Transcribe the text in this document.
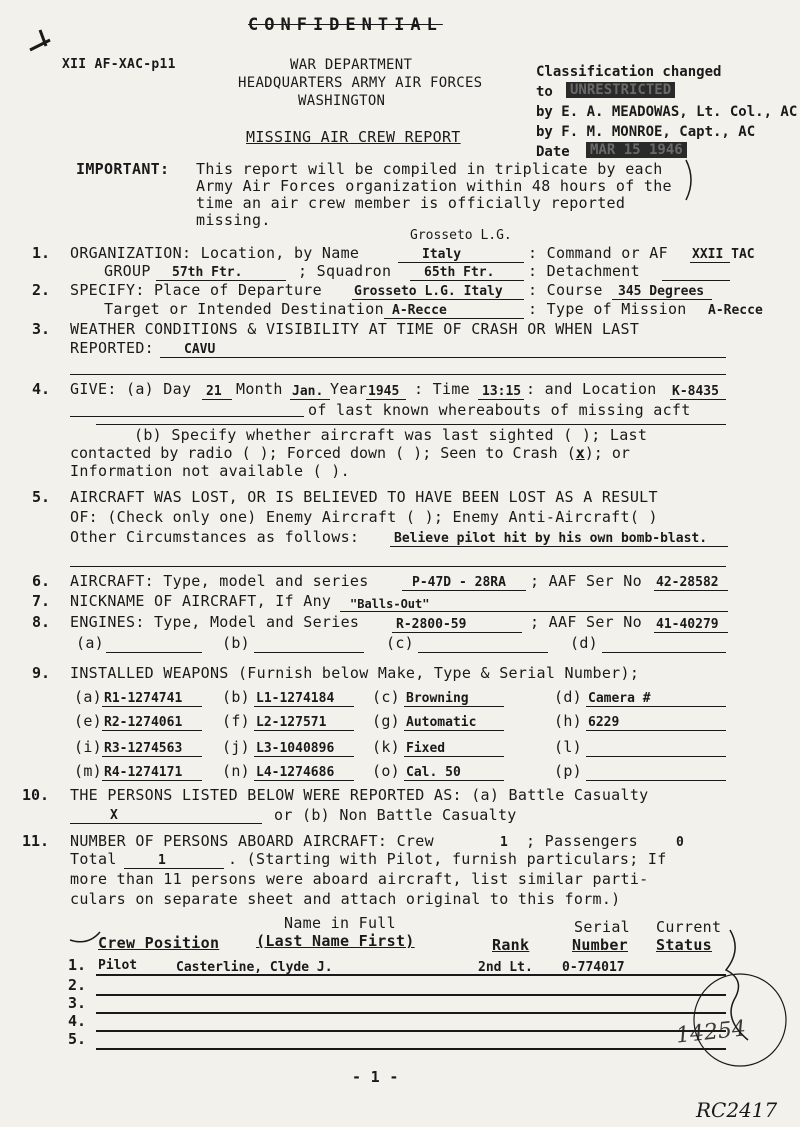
CONFIDENTIAL
XII AF-XAC-p11	WAR DEPARTMENT
HEADQUARTERS ARMY AIR FORCES
WASHINGTON
MISSING AIR CREW REPORT
Classification changed
to UNRESTRICTED
by E. A. MEADOWAS, Lt. Col., AC
by F. M. MONROE, Capt., AC
Date MAR 15 1946
IMPORTANT: This report will be compiled in triplicate by each
Army Air Forces organization within 48 hours of the
time an air crew member is officially reported
missing.
1. ORGANIZATION: Location, by Name
Grosseto L.G.
Italy	: Command or AF XXII TAC
GROUP 57th Ftr.	; Squadron	65th Ftr. : Detachment
2. SPECIFY: Place of Departure Grosseto L.G. Italy : Course 345 Degrees
Target or Intended Destination A-Recce	: Type of Mission A-Recce
3. WEATHER CONDITIONS & VISIBILITY AT TIME OF CRASH OR WHEN LAST
REPORTED: CAVU
4. GIVE: (a) Day 21 Month Jan. Year 1945 : Time 13:15 : and Location K-8435
of last known whereabouts of missing acft
(b) Specify whether aircraft was last sighted ( ); Last
contacted by radio ( ); Forced down ( ); Seen to Crash (x); or
Information not available ( ).
5. AIRCRAFT WAS LOST, OR IS BELIEVED TO HAVE BEEN LOST AS A RESULT
OF: (Check only one) Enemy Aircraft ( ); Enemy Anti-Aircraft( )
Other Circumstances as follows:	Believe pilot hit by his own bomb-blast.
6. AIRCRAFT: Type, model and series	P-47D - 28RA ; AAF Ser No 42-28582
7. NICKNAME OF AIRCRAFT, If Any "Balls-Out"
8. ENGINES: Type, Model and Series	R-2800-59	; AAF Ser No 41-40279
(a)	(b)	(c)	(d)
9. INSTALLED WEAPONS (Furnish below Make, Type & Serial Number);
(a) R1-1274741	(b) L1-1274184	(c) Browning	(d) Camera #
(e) R2-1274061	(f) L2-127571	(g) Automatic	(h) 6229
(i) R3-1274563	(j) L3-1040896	(k) Fixed	(l)
(m) R4-1274171	(n) L4-1274686	(o) Cal. 50	(p)
10. THE PERSONS LISTED BELOW WERE REPORTED AS: (a) Battle Casualty
X	or (b) Non Battle Casualty
11. NUMBER OF PERSONS ABOARD AIRCRAFT: Crew	1 ; Passengers	0
Total	1	. (Starting with Pilot, furnish particulars; If
more than 11 persons were aboard aircraft, list similar parti-
culars on separate sheet and attach original to this form.)
Name in Full	Serial Current
Crew Position (Last Name First)	Rank	Number Status
1. Pilot	Casterline, Clyde J.	2nd Lt. 0-774017
2.
3.
4.
5.
- 1 -
RC2417
14254
